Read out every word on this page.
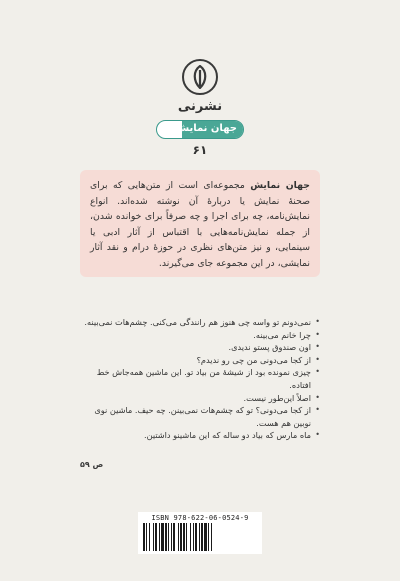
نشرنی
جهان نمایش
۶۱
جهان نمایش مجموعه‌ای است از متن‌هایی که برای صحنهٔ نمایش یا دربارهٔ آن نوشته شده‌اند. انواع نمایش‌نامه، چه برای اجرا و چه صرفاً برای خوانده شدن، از جمله نمایش‌نامه‌هایی با اقتباس از آثار ادبی یا سینمایی، و نیز متن‌های نظری در حوزهٔ درام و نقد آثار نمایشی، در این مجموعه جای می‌گیرند.
• نمی‌دونم تو واسه چی هنوز هم رانندگی می‌کنی. چشم‌هات نمی‌بینه.
• چرا خانم می‌بینه.
• اون صندوق پستو ندیدی.
• از کجا می‌دونی من چی رو ندیدم؟
• چیزی نمونده بود از شیشهٔ من بیاد تو. این ماشین همه‌جاش خط افتاده.
• اصلاً این‌طور نیست.
• از کجا می‌دونی؟ تو که چشم‌هات نمی‌بینن. چه حیف. ماشین نوی نوبین هم هست.
• ماه مارس که بیاد دو ساله که این ماشینو داشتین.
ص ۵۹
ISBN 978-622-06-0524-9
